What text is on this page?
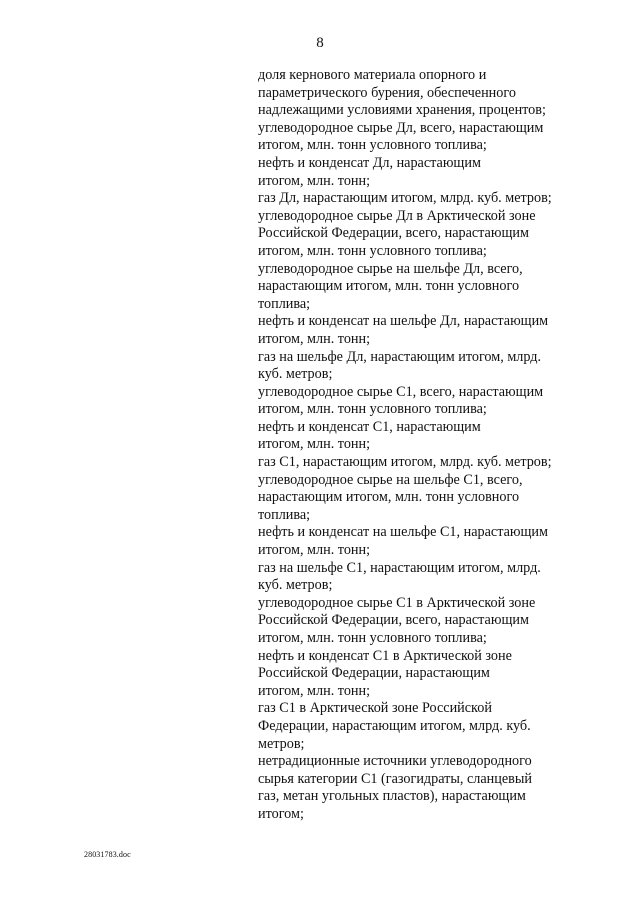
8
доля кернового материала опорного и
параметрического бурения, обеспеченного
надлежащими условиями хранения, процентов;
углеводородное сырье Дл, всего, нарастающим
итогом, млн. тонн условного топлива;
нефть и конденсат Дл, нарастающим
итогом, млн. тонн;
газ Дл, нарастающим итогом, млрд. куб. метров;
углеводородное сырье Дл в Арктической зоне
Российской Федерации, всего, нарастающим
итогом, млн. тонн условного топлива;
углеводородное сырье на шельфе Дл, всего,
нарастающим итогом, млн. тонн условного
топлива;
нефть и конденсат на шельфе Дл, нарастающим
итогом, млн. тонн;
газ на шельфе Дл, нарастающим итогом, млрд.
куб. метров;
углеводородное сырье С1, всего, нарастающим
итогом, млн. тонн условного топлива;
нефть и конденсат С1, нарастающим
итогом, млн. тонн;
газ С1, нарастающим итогом, млрд. куб. метров;
углеводородное сырье на шельфе С1, всего,
нарастающим итогом, млн. тонн условного
топлива;
нефть и конденсат на шельфе С1, нарастающим
итогом, млн. тонн;
газ на шельфе С1, нарастающим итогом, млрд.
куб. метров;
углеводородное сырье С1 в Арктической зоне
Российской Федерации, всего, нарастающим
итогом, млн. тонн условного топлива;
нефть и конденсат С1 в Арктической зоне
Российской Федерации, нарастающим
итогом, млн. тонн;
газ С1 в Арктической зоне Российской
Федерации, нарастающим итогом, млрд. куб.
метров;
нетрадиционные источники углеводородного
сырья категории С1 (газогидраты, сланцевый
газ, метан угольных пластов), нарастающим
итогом;
28031783.doc
